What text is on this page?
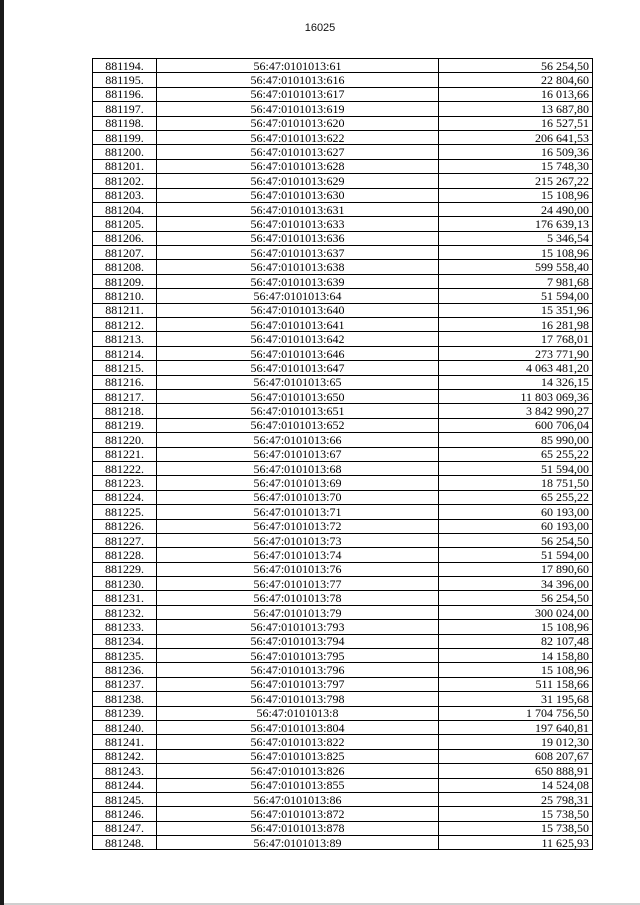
16025
881194.	56:47:0101013:61	56 254,50
881195.	56:47:0101013:616	22 804,60
881196.	56:47:0101013:617	16 013,66
881197.	56:47:0101013:619	13 687,80
881198.	56:47:0101013:620	16 527,51
881199.	56:47:0101013:622	206 641,53
881200.	56:47:0101013:627	16 509,36
881201.	56:47:0101013:628	15 748,30
881202.	56:47:0101013:629	215 267,22
881203.	56:47:0101013:630	15 108,96
881204.	56:47:0101013:631	24 490,00
881205.	56:47:0101013:633	176 639,13
881206.	56:47:0101013:636	5 346,54
881207.	56:47:0101013:637	15 108,96
881208.	56:47:0101013:638	599 558,40
881209.	56:47:0101013:639	7 981,68
881210.	56:47:0101013:64	51 594,00
881211.	56:47:0101013:640	15 351,96
881212.	56:47:0101013:641	16 281,98
881213.	56:47:0101013:642	17 768,01
881214.	56:47:0101013:646	273 771,90
881215.	56:47:0101013:647	4 063 481,20
881216.	56:47:0101013:65	14 326,15
881217.	56:47:0101013:650	11 803 069,36
881218.	56:47:0101013:651	3 842 990,27
881219.	56:47:0101013:652	600 706,04
881220.	56:47:0101013:66	85 990,00
881221.	56:47:0101013:67	65 255,22
881222.	56:47:0101013:68	51 594,00
881223.	56:47:0101013:69	18 751,50
881224.	56:47:0101013:70	65 255,22
881225.	56:47:0101013:71	60 193,00
881226.	56:47:0101013:72	60 193,00
881227.	56:47:0101013:73	56 254,50
881228.	56:47:0101013:74	51 594,00
881229.	56:47:0101013:76	17 890,60
881230.	56:47:0101013:77	34 396,00
881231.	56:47:0101013:78	56 254,50
881232.	56:47:0101013:79	300 024,00
881233.	56:47:0101013:793	15 108,96
881234.	56:47:0101013:794	82 107,48
881235.	56:47:0101013:795	14 158,80
881236.	56:47:0101013:796	15 108,96
881237.	56:47:0101013:797	511 158,66
881238.	56:47:0101013:798	31 195,68
881239.	56:47:0101013:8	1 704 756,50
881240.	56:47:0101013:804	197 640,81
881241.	56:47:0101013:822	19 012,30
881242.	56:47:0101013:825	608 207,67
881243.	56:47:0101013:826	650 888,91
881244.	56:47:0101013:855	14 524,08
881245.	56:47:0101013:86	25 798,31
881246.	56:47:0101013:872	15 738,50
881247.	56:47:0101013:878	15 738,50
881248.	56:47:0101013:89	11 625,93
